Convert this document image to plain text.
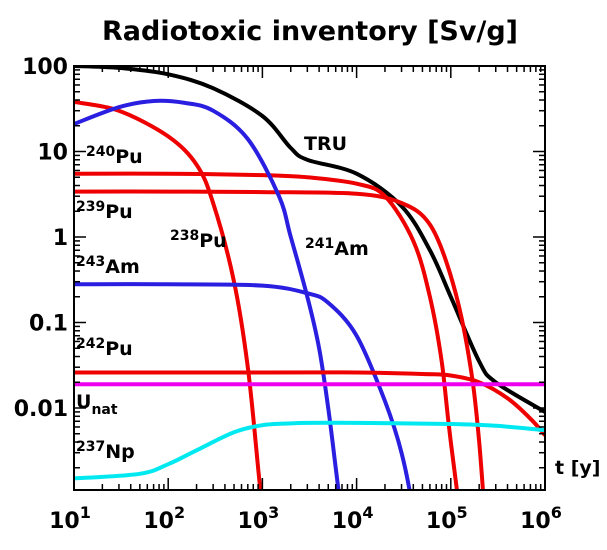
Radiotoxic inventory [Sv/g]
100
10
1
0.1
0.01
$10^1$ $10^2$ $10^3$ $10^4$ $10^5$ $10^6$
TRU
$^{238}$Pu
$^{240}$Pu
$^{239}$Pu
$^{241}$Am
$^{243}$Am
$^{242}$Pu
$U_{nat}$
$^{237}$Np
t [y]
